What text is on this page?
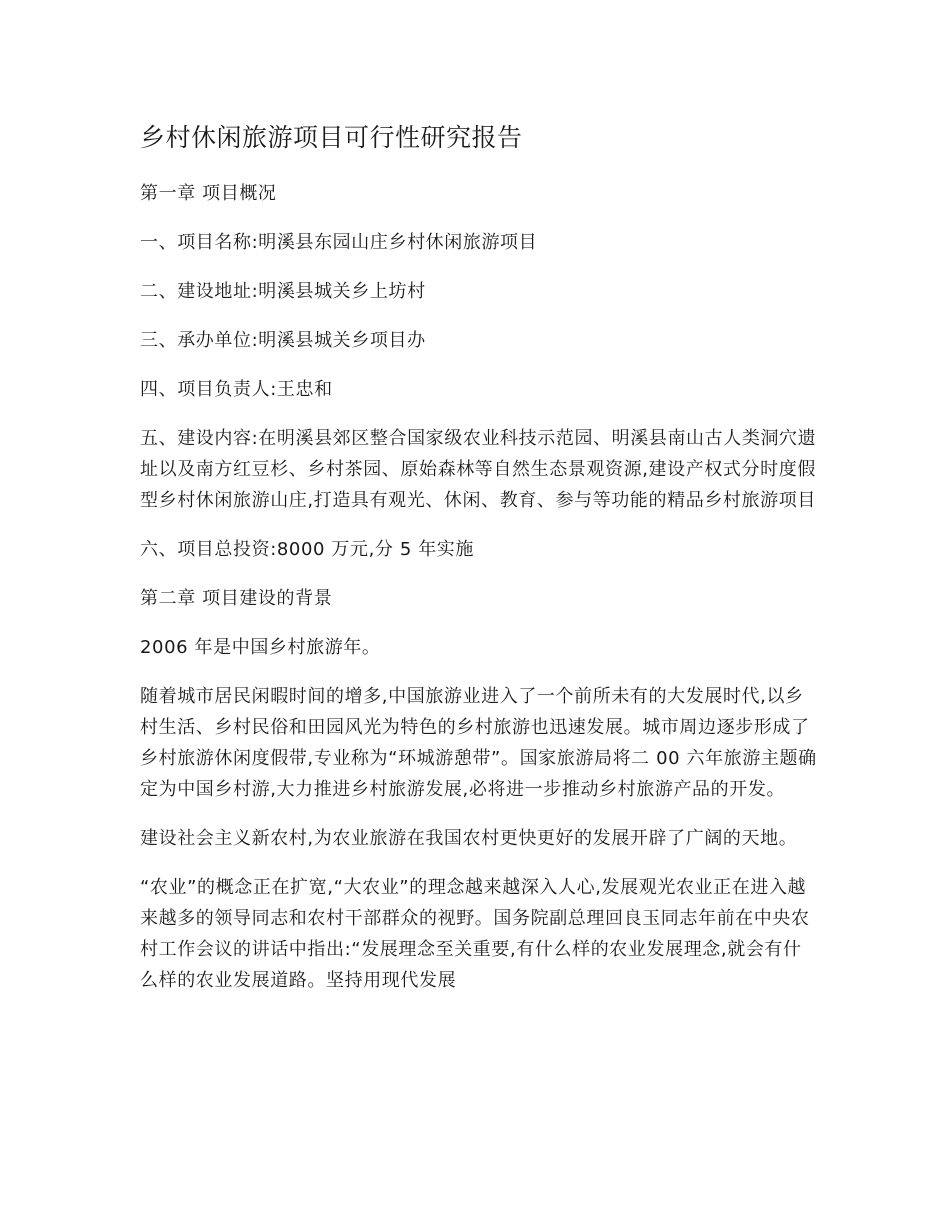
乡村休闲旅游项目可行性研究报告

第一章 项目概况

一、项目名称:明溪县东园山庄乡村休闲旅游项目

二、建设地址:明溪县城关乡上坊村

三、承办单位:明溪县城关乡项目办

四、项目负责人:王忠和

五、建设内容:在明溪县郊区整合国家级农业科技示范园、明溪县南山古人类洞穴遗址以及南方红豆杉、乡村茶园、原始森林等自然生态景观资源,建设产权式分时度假型乡村休闲旅游山庄,打造具有观光、休闲、教育、参与等功能的精品乡村旅游项目

六、项目总投资:8000 万元,分 5 年实施

第二章 项目建设的背景

2006 年是中国乡村旅游年。

随着城市居民闲暇时间的增多,中国旅游业进入了一个前所未有的大发展时代,以乡村生活、乡村民俗和田园风光为特色的乡村旅游也迅速发展。城市周边逐步形成了乡村旅游休闲度假带,专业称为“环城游憩带”。国家旅游局将二 00 六年旅游主题确定为中国乡村游,大力推进乡村旅游发展,必将进一步推动乡村旅游产品的开发。

建设社会主义新农村,为农业旅游在我国农村更快更好的发展开辟了广阔的天地。

“农业”的概念正在扩宽,“大农业”的理念越来越深入人心,发展观光农业正在进入越来越多的领导同志和农村干部群众的视野。国务院副总理回良玉同志年前在中央农村工作会议的讲话中指出:“发展理念至关重要,有什么样的农业发展理念,就会有什么样的农业发展道路。坚持用现代发展
